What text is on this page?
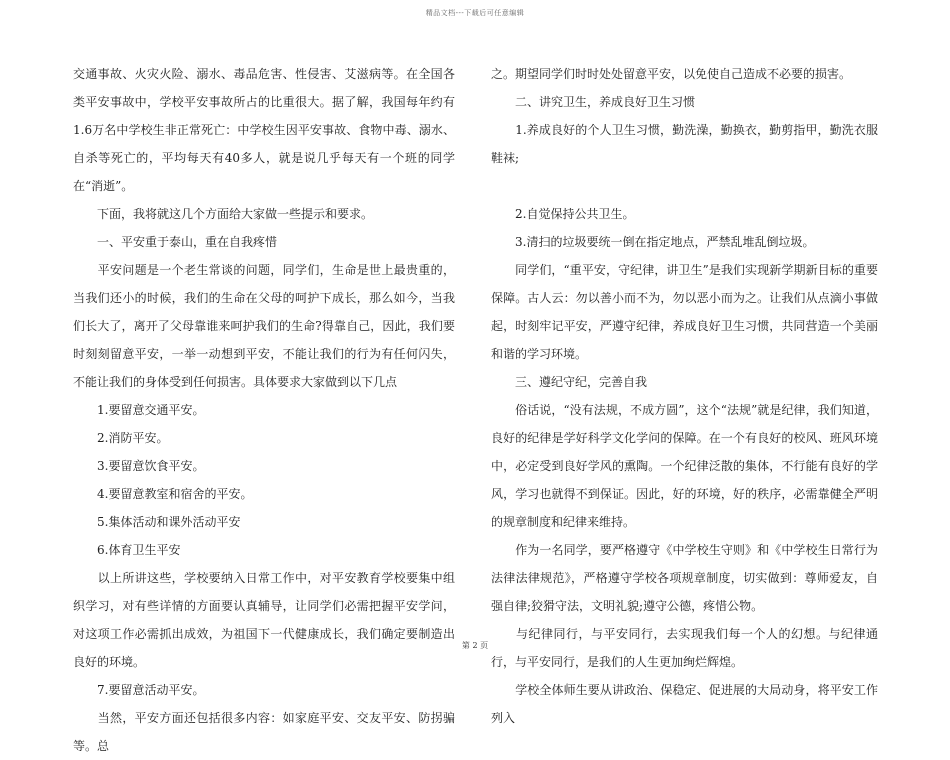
精品文档---下载后可任意编辑

交通事故、火灾火险、溺水、毒品危害、性侵害、艾滋病等。在全国各类平安事故中，学校平安事故所占的比重很大。据了解，我国每年约有1.6万名中学校生非正常死亡：中学校生因平安事故、食物中毒、溺水、自杀等死亡的，平均每天有40多人，就是说几乎每天有一个班的同学在“消逝”。

　　下面，我将就这几个方面给大家做一些提示和要求。

　　一、平安重于泰山，重在自我疼惜

　　平安问题是一个老生常谈的问题，同学们，生命是世上最贵重的，当我们还小的时候，我们的生命在父母的呵护下成长，那么如今，当我们长大了，离开了父母靠谁来呵护我们的生命?得靠自己，因此，我们要时刻刻留意平安，一举一动想到平安，不能让我们的行为有任何闪失，不能让我们的身体受到任何损害。具体要求大家做到以下几点

　　1.要留意交通平安。

　　2.消防平安。

　　3.要留意饮食平安。

　　4.要留意教室和宿舍的平安。

　　5.集体活动和课外活动平安

　　6.体育卫生平安

　　以上所讲这些，学校要纳入日常工作中，对平安教育学校要集中组织学习，对有些详情的方面要认真辅导，让同学们必需把握平安学问，对这项工作必需抓出成效，为祖国下一代健康成长，我们确定要制造出良好的环境。

　　7.要留意活动平安。

　　当然，平安方面还包括很多内容：如家庭平安、交友平安、防拐骗等。总

之。期望同学们时时处处留意平安，以免使自己造成不必要的损害。

　　二、讲究卫生，养成良好卫生习惯

　　1.养成良好的个人卫生习惯，勤洗澡，勤换衣，勤剪指甲，勤洗衣服鞋袜;

　　2.自觉保持公共卫生。

　　3.清扫的垃圾要统一倒在指定地点，严禁乱堆乱倒垃圾。

　　同学们，“重平安，守纪律，讲卫生”是我们实现新学期新目标的重要保障。古人云：勿以善小而不为，勿以恶小而为之。让我们从点滴小事做起，时刻牢记平安，严遵守纪律，养成良好卫生习惯，共同营造一个美丽 和谐的学习环境。

　　三、遵纪守纪，完善自我

　　俗话说，“没有法规，不成方圆”，这个“法规”就是纪律，我们知道，良好的纪律是学好科学文化学问的保障。在一个有良好的校风、班风环境中，必定受到良好学风的熏陶。一个纪律泛散的集体，不行能有良好的学风，学习也就得不到保证。因此，好的环境，好的秩序，必需靠健全严明的规章制度和纪律来维持。

　　作为一名同学，要严格遵守《中学校生守则》和《中学校生日常行为法律法律规范》，严格遵守学校各项规章制度，切实做到：尊师爱友，自强自律;狡猾守法，文明礼貌;遵守公德，疼惜公物。

　　与纪律同行，与平安同行，去实现我们每一个人的幻想。与纪律通行，与平安同行，是我们的人生更加绚烂辉煌。

　　学校全体师生要从讲政治、保稳定、促进展的大局动身，将平安工作列入

第 2 页
